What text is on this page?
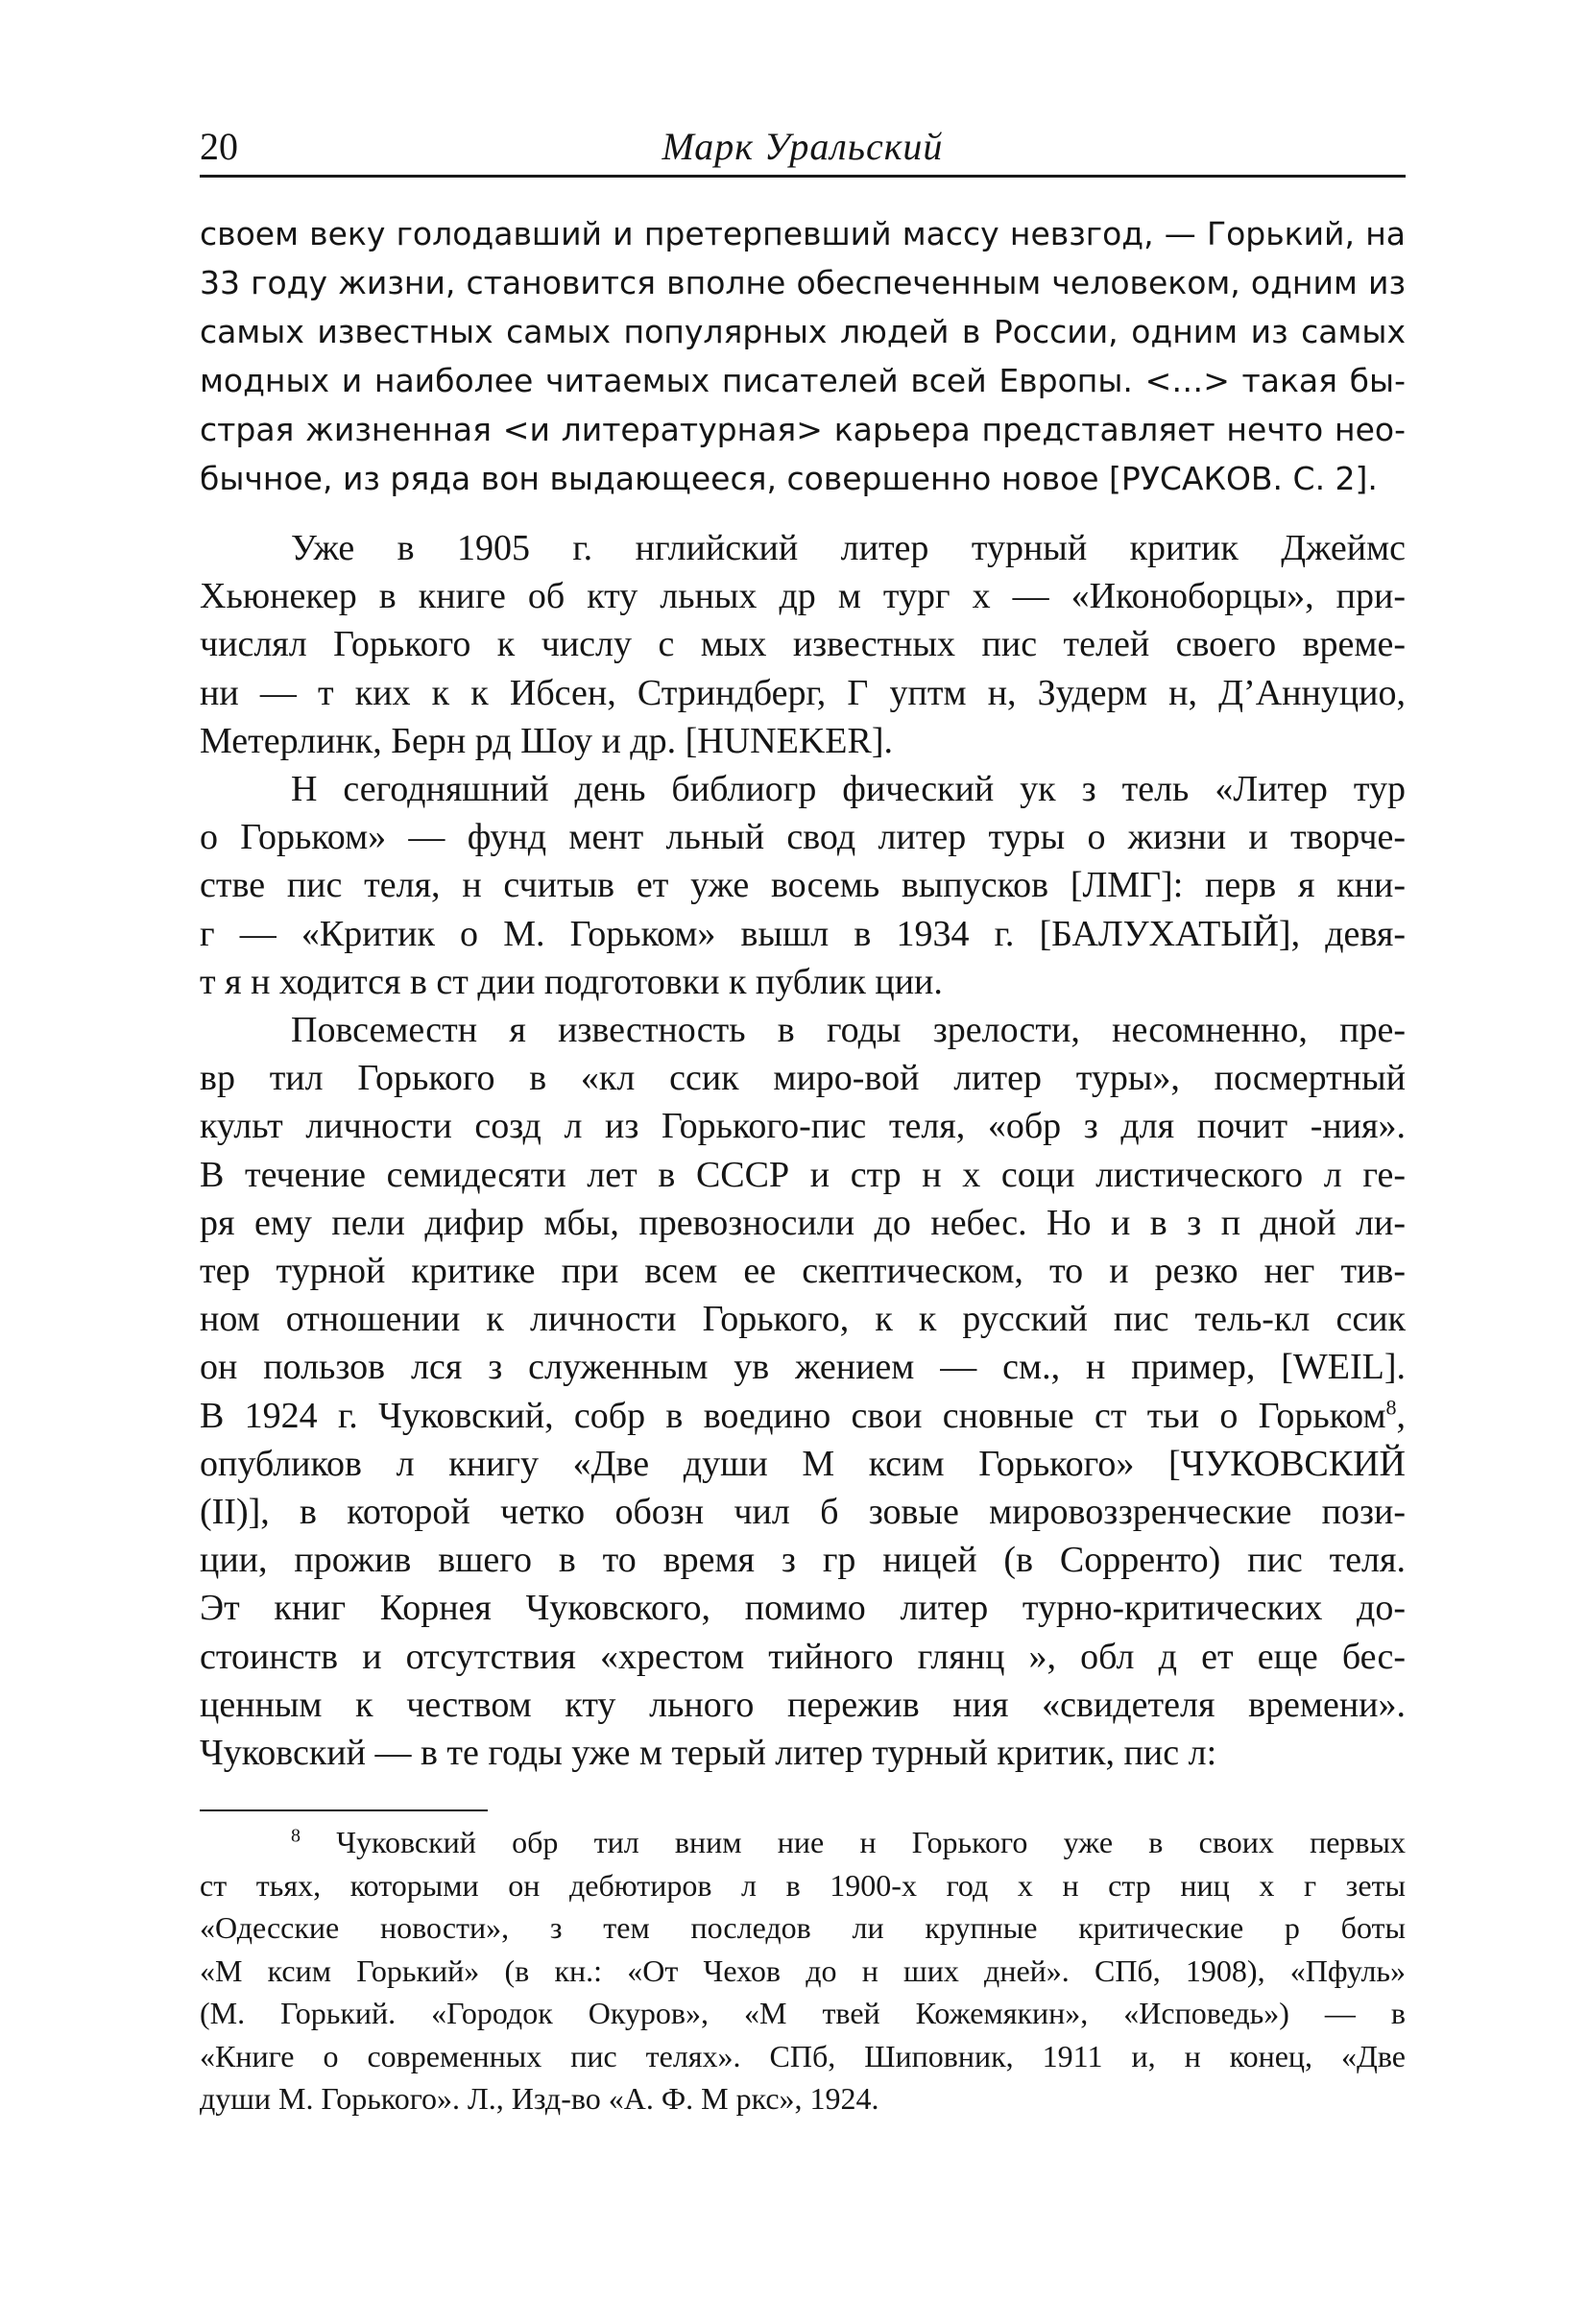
20	Марк Уральский
своем веку голодавший и претерпевший массу невзгод, — Горький, на
33 году жизни, становится вполне обеспеченным человеком, одним из
самых известных самых популярных людей в России, одним из самых
модных и наиболее читаемых писателей всей Европы. <…> такая бы-
страя жизненная <и литературная> карьера представляет нечто нео-
бычное, из ряда вон выдающееся, совершенно новое [РУСАКОВ. С. 2].
Уже в 1905 г. нглийский литер турный критик Джеймс
Хьюнекер в книге об кту льных др м тург х — «Иконоборцы», при-
числял Горького к числу с мых известных пис телей своего време-
ни — т ких к к Ибсен, Стриндберг, Г уптм н, Зудерм н, Д’Аннуцио,
Метерлинк, Берн рд Шоу и др. [HUNEKER].
Н сегодняшний день библиогр фический ук з тель «Литер тур
о Горьком» — фунд мент льный свод литер туры о жизни и творче-
стве пис теля, н считыв ет уже восемь выпусков [ЛМГ]: перв я кни-
г — «Критик о М. Горьком» вышл в 1934 г. [БАЛУХАТЫЙ], девя-
т я н ходится в ст дии подготовки к публик ции.
Повсеместн я известность в годы зрелости, несомненно, пре-
вр тил Горького в «кл ссик миро-вой литер туры», посмертный
культ личности созд л из Горького-пис теля, «обр з для почит -ния».
В течение семидесяти лет в СССР и стр н х соци листического л ге-
ря ему пели дифир мбы, превозносили до небес. Но и в з п дной ли-
тер турной критике при всем ее скептическом, то и резко нег тив-
ном отношении к личности Горького, к к русский пис тель-кл ссик
он пользов лся з служенным ув жением — см., н пример, [WEIL].
В 1924 г. Чуковский, собр в воедино свои сновные ст тьи о Горьком$^8$,
опубликов л книгу «Две души М ксим Горького» [ЧУКОВСКИЙ
(II)], в которой четко обозн чил б зовые мировоззренческие пози-
ции, прожив вшего в то время з гр ницей (в Сорренто) пис теля.
Эт книг Корнея Чуковского, помимо литер турно-критических до-
стоинств и отсутствия «хрестом тийного глянц », обл д ет еще бес-
ценным к чеством кту льного пережив ния «свидетеля времени».
Чуковский — в те годы уже м терый литер турный критик, пис л:
$^8$ Чуковский обр тил вним ние н Горького уже в своих первых
ст тьях, которыми он дебютиров л в 1900-х год х н стр ниц х г зеты
«Одесские новости», з тем последов ли крупные критические р боты
«М ксим Горький» (в кн.: «От Чехов до н ших дней». СПб, 1908), «Пфуль»
(М. Горький. «Городок Окуров», «М твей Кожемякин», «Исповедь») — в
«Книге о современных пис телях». СПб, Шиповник, 1911 и, н конец, «Две
души М. Горького». Л., Изд-во «А. Ф. М ркс», 1924.
